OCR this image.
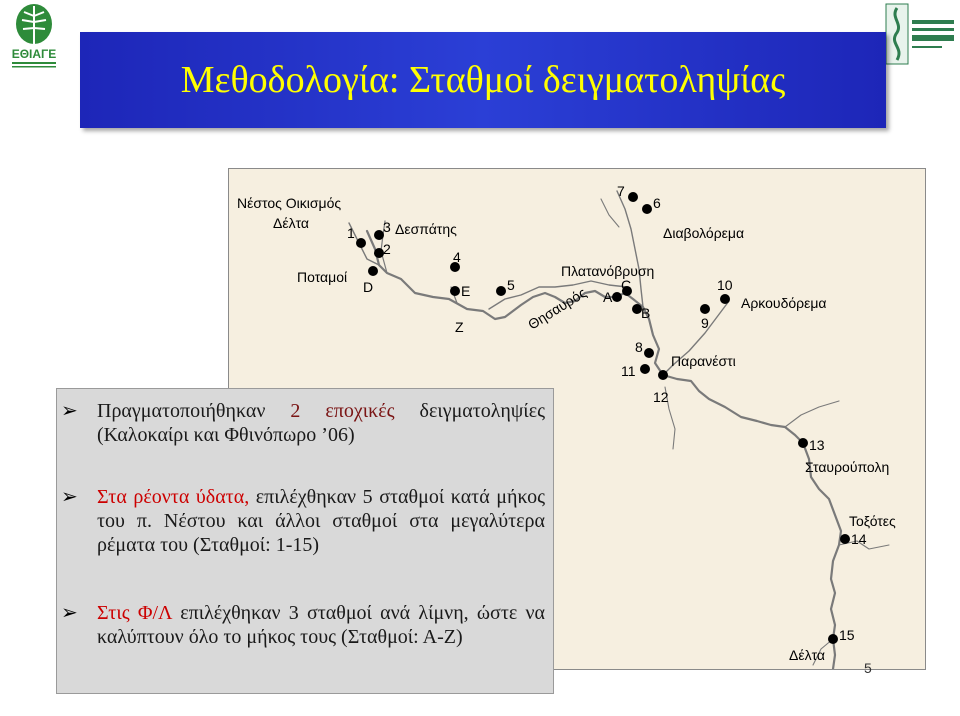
ΕΘΙΑΓΕ
Μεθοδολογία: Σταθμοί δειγματοληψίας
Νέστος Οικισμός
Δέλτα	Δεσπάτης
Ποταμοί
Θησαυρός
Πλατανόβρυση
Διαβολόρεμα
Αρκουδόρεμα
Παρανέστι
Σταυρούπολη
Τοξότες
Δέλτα
1 3
2
D
4
E
Z
5
7
6
A
C
B
8
11
12
9
10
13
14
15
➢ Πραγματοποιήθηκαν 2 εποχικές δειγματοληψίες (Καλοκαίρι και Φθινόπωρο ’06)
➢ Στα ρέοντα ύδατα, επιλέχθηκαν 5 σταθμοί κατά μήκος του π. Νέστου και άλλοι σταθμοί στα μεγαλύτερα ρέματα του (Σταθμοί: 1-15)
➢ Στις Φ/Λ επιλέχθηκαν 3 σταθμοί ανά λίμνη, ώστε να καλύπτουν όλο το μήκος τους (Σταθμοί: Α-Ζ)
5
